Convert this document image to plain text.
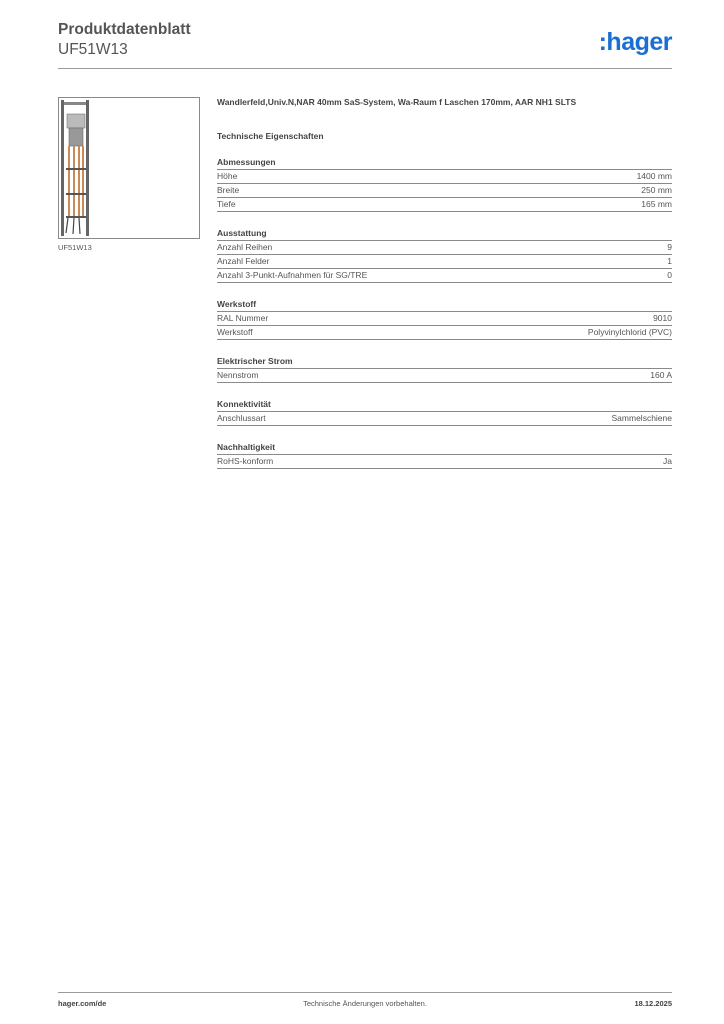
Produktdatenblatt
UF51W13	:hager
UF51W13
Wandlerfeld,Univ.N,NAR 40mm SaS-System, Wa-Raum f Laschen 170mm, AAR NH1 SLTS
Technische Eigenschaften
Abmessungen
Höhe	1400 mm
Breite	250 mm
Tiefe	165 mm
Ausstattung
Anzahl Reihen	9
Anzahl Felder	1
Anzahl 3-Punkt-Aufnahmen für SG/TRE	0
Werkstoff
RAL Nummer	9010
Werkstoff	Polyvinylchlorid (PVC)
Elektrischer Strom
Nennstrom	160 A
Konnektivität
Anschlussart	Sammelschiene
Nachhaltigkeit
RoHS-konform	Ja
hager.com/de	Technische Änderungen vorbehalten.	18.12.2025
